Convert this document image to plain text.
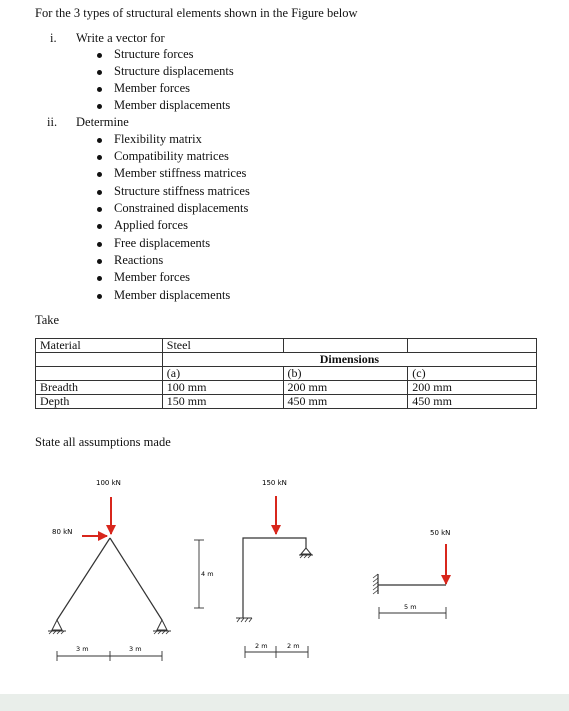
For the 3 types of structural elements shown in the Figure below
i. Write a vector for
Structure forces
Structure displacements
Member forces
Member displacements
ii. Determine
Flexibility matrix
Compatibility matrices
Member stiffness matrices
Structure stiffness matrices
Constrained displacements
Applied forces
Free displacements
Reactions
Member forces
Member displacements
Take
Material	Steel		
	Dimensions		
	(a)	(b)	(c)
Breadth	100 mm	200 mm	200 mm
Depth	150 mm	450 mm	450 mm
State all assumptions made
100 kN
80 kN
3 m	3 m
4 m
150 kN
2 m	2 m
50 kN
5 m
